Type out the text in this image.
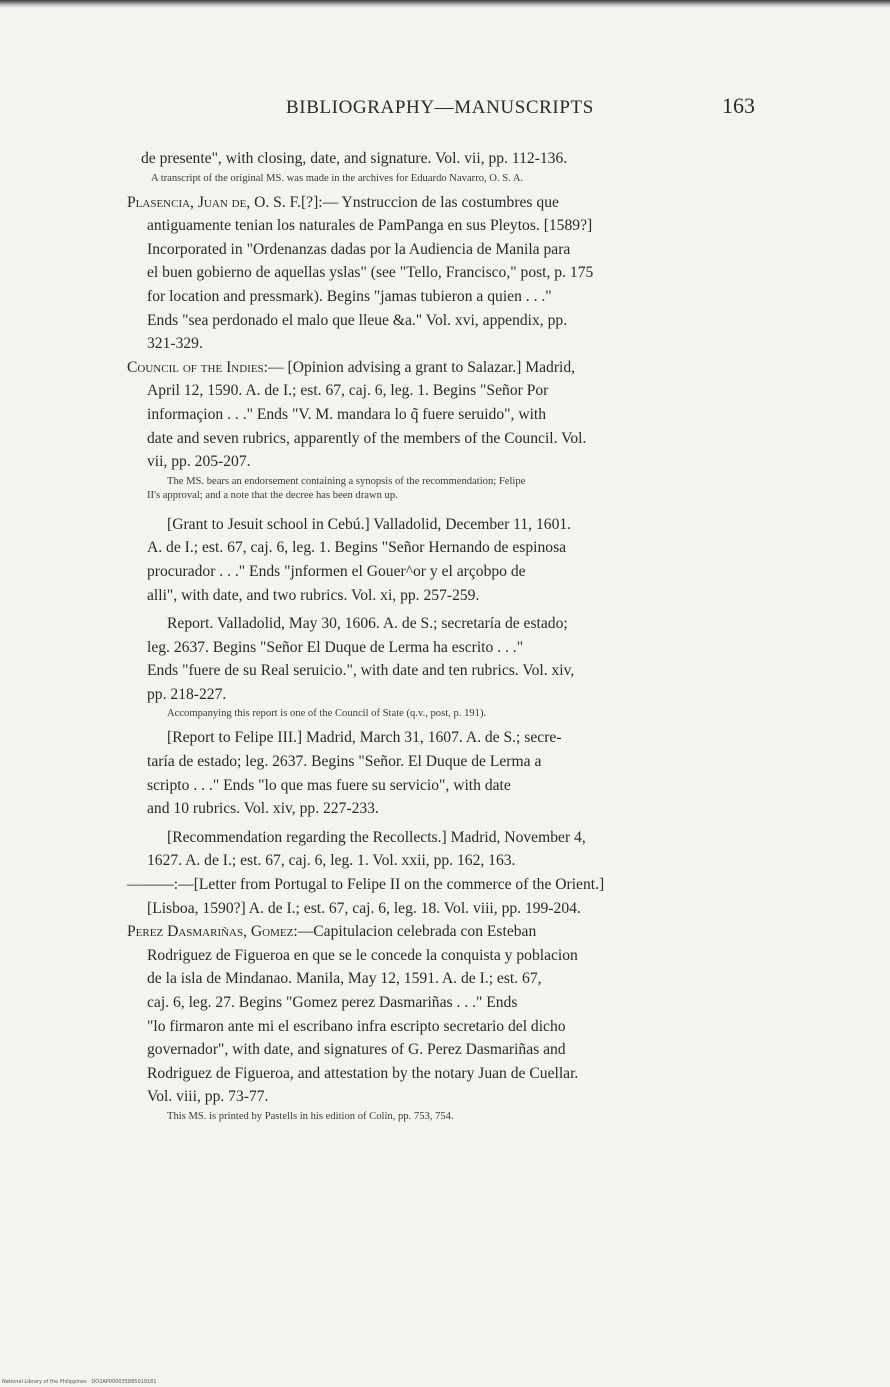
BIBLIOGRAPHY—MANUSCRIPTS	163
de presente", with closing, date, and signature. Vol. vii, pp. 112-136.
A transcript of the original MS. was made in the archives for Eduardo Navarro, O. S. A.
Plasencia, Juan de, O. S. F.[?]:— Ynstruccion de las costumbres que
antiguamente tenian los naturales de PamPanga en sus Pleytos. [1589?]
Incorporated in "Ordenanzas dadas por la Audiencia de Manila para
el buen gobierno de aquellas yslas" (see "Tello, Francisco," post, p. 175
for location and pressmark). Begins "jamas tubieron a quien . . ."
Ends "sea perdonado el malo que lleue &a." Vol. xvi, appendix, pp.
321-329.
Council of the Indies:— [Opinion advising a grant to Salazar.] Madrid,
April 12, 1590. A. de I.; est. 67, caj. 6, leg. 1. Begins "Señor Por
informaçion . . ." Ends "V. M. mandara lo q̃ fuere seruido", with
date and seven rubrics, apparently of the members of the Council. Vol.
vii, pp. 205-207.
The MS. bears an endorsement containing a synopsis of the recommendation; Felipe
II's approval; and a note that the decree has been drawn up.
[Grant to Jesuit school in Cebú.] Valladolid, December 11, 1601.
A. de I.; est. 67, caj. 6, leg. 1. Begins "Señor Hernando de espinosa
procurador . . ." Ends "jnformen el Gouer^or y el arçobpo de
alli", with date, and two rubrics. Vol. xi, pp. 257-259.
Report. Valladolid, May 30, 1606. A. de S.; secretaría de estado;
leg. 2637. Begins "Señor El Duque de Lerma ha escrito . . ."
Ends "fuere de su Real seruicio.", with date and ten rubrics. Vol. xiv,
pp. 218-227.
Accompanying this report is one of the Council of State (q.v., post, p. 191).
[Report to Felipe III.] Madrid, March 31, 1607. A. de S.; secre-
taría de estado; leg. 2637. Begins "Señor. El Duque de Lerma a
scripto . . ." Ends "lo que mas fuere su servicio", with date
and 10 rubrics. Vol. xiv, pp. 227-233.
[Recommendation regarding the Recollects.] Madrid, November 4,
1627. A. de I.; est. 67, caj. 6, leg. 1. Vol. xxii, pp. 162, 163.
———:—[Letter from Portugal to Felipe II on the commerce of the Orient.]
[Lisboa, 1590?] A. de I.; est. 67, caj. 6, leg. 18. Vol. viii, pp. 199-204.
Perez Dasmariñas, Gomez:—Capitulacion celebrada con Esteban
Rodriguez de Figueroa en que se le concede la conquista y poblacion
de la isla de Mindanao. Manila, May 12, 1591. A. de I.; est. 67,
caj. 6, leg. 27. Begins "Gomez perez Dasmariñas . . ." Ends
"lo firmaron ante mi el escribano infra escripto secretario del dicho
governador", with date, and signatures of G. Perez Dasmariñas and
Rodriguez de Figueroa, and attestation by the notary Juan de Cuellar.
Vol. viii, pp. 73-77.
This MS. is printed by Pastells in his edition of Colin, pp. 753, 754.
National Library of the Philippines · DO2AP000035885019181
